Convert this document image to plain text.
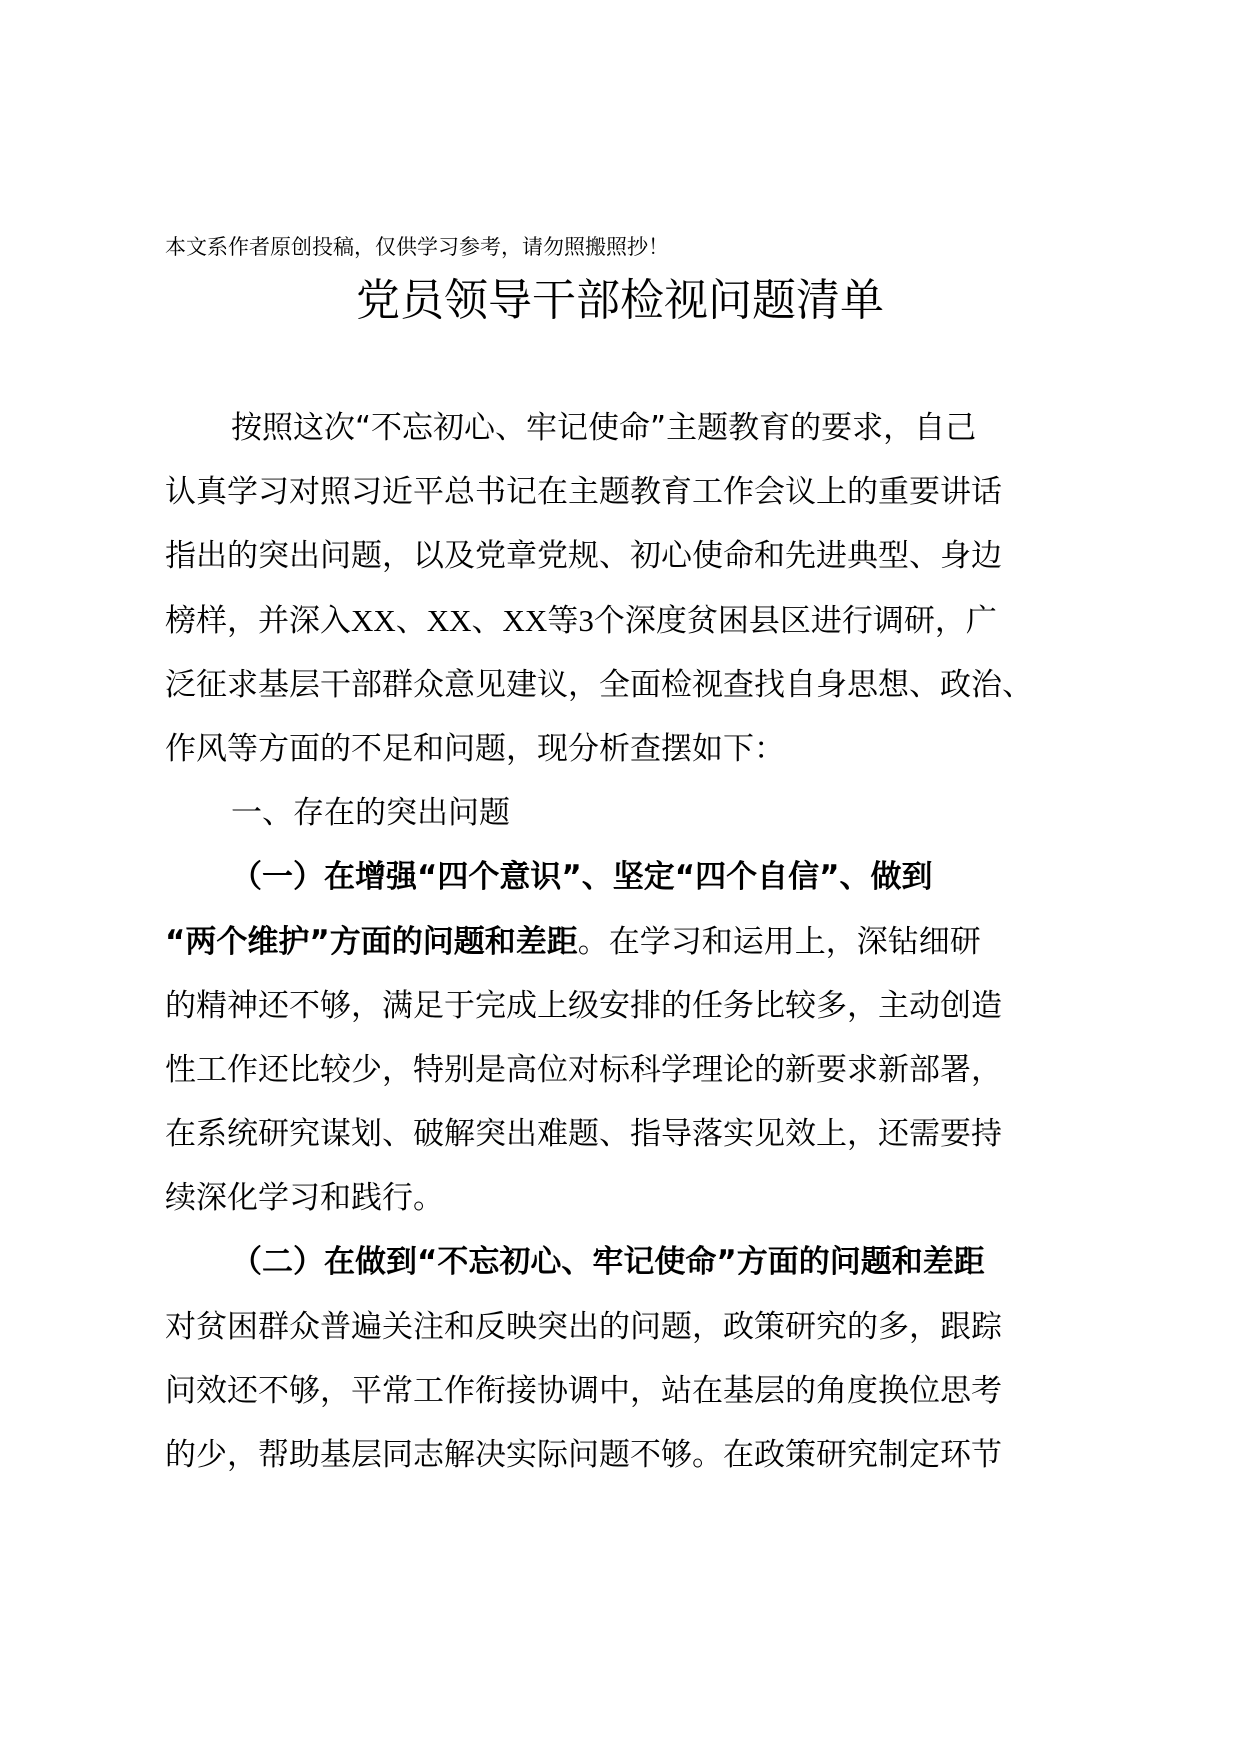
本文系作者原创投稿，仅供学习参考，请勿照搬照抄！
党员领导干部检视问题清单
按照这次“不忘初心、牢记使命”主题教育的要求，自己
认真学习对照习近平总书记在主题教育工作会议上的重要讲话
指出的突出问题，以及党章党规、初心使命和先进典型、身边
榜样，并深入XX、XX、XX等3个深度贫困县区进行调研，广
泛征求基层干部群众意见建议，全面检视查找自身思想、政治、
作风等方面的不足和问题，现分析查摆如下：
一、存在的突出问题
（一）在增强“四个意识”、坚定“四个自信”、做到
“两个维护”方面的问题和差距。在学习和运用上，深钻细研
的精神还不够，满足于完成上级安排的任务比较多，主动创造
性工作还比较少，特别是高位对标科学理论的新要求新部署，
在系统研究谋划、破解突出难题、指导落实见效上，还需要持
续深化学习和践行。
（二）在做到“不忘初心、牢记使命”方面的问题和差距
对贫困群众普遍关注和反映突出的问题，政策研究的多，跟踪
问效还不够，平常工作衔接协调中，站在基层的角度换位思考
的少，帮助基层同志解决实际问题不够。在政策研究制定环节
